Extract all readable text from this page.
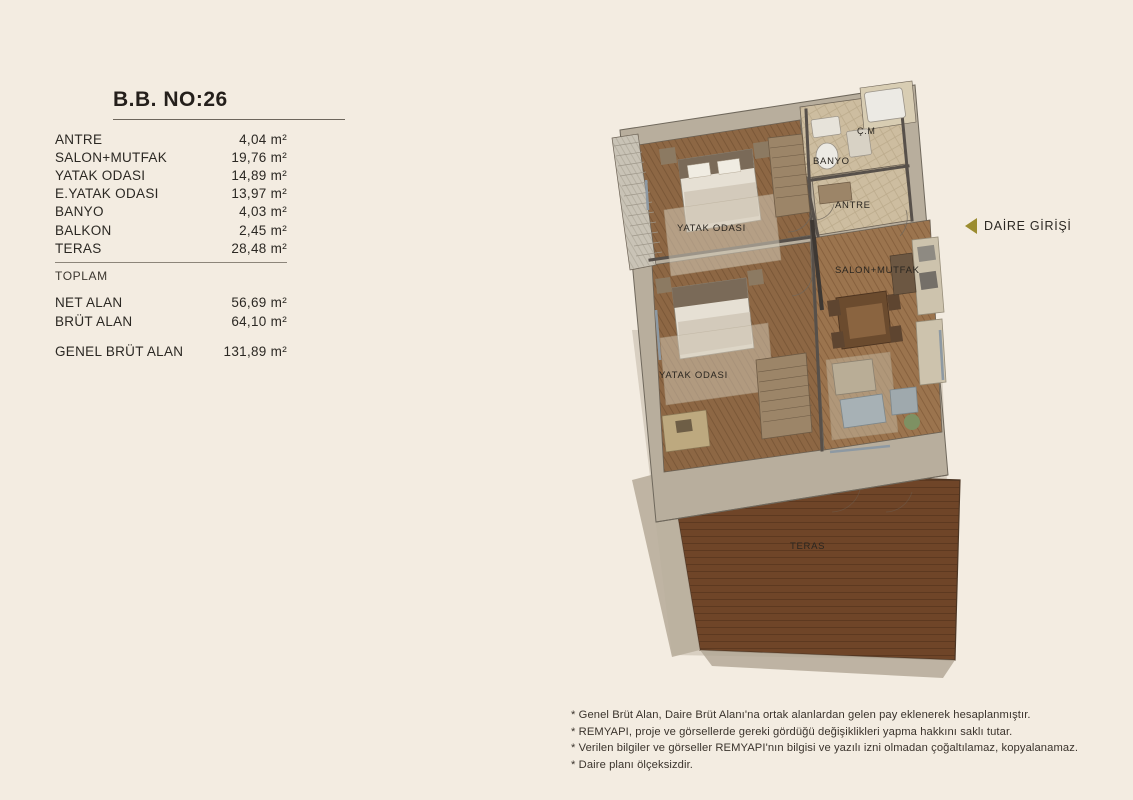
B.B. NO:26
ANTRE	4,04 m²
SALON+MUTFAK	19,76 m²
YATAK ODASI	14,89 m²
E.YATAK ODASI	13,97 m²
BANYO	4,03 m²
BALKON	2,45 m²
TERAS	28,48 m²
TOPLAM
NET ALAN	56,69 m²
BRÜT ALAN	64,10 m²
GENEL BRÜT ALAN	131,89 m²
Ç.M
BANYO
ANTRE
YATAK ODASI
YATAK ODASI
SALON+MUTFAK
TERAS
DAİRE GİRİŞİ
* Genel Brüt Alan, Daire Brüt Alanı'na ortak alanlardan gelen pay eklenerek hesaplanmıştır.
* REMYAPI, proje ve görsellerde gereki gördüğü değişiklikleri yapma hakkını saklı tutar.
* Verilen bilgiler ve görseller REMYAPI'nın bilgisi ve yazılı izni olmadan çoğaltılamaz, kopyalanamaz.
* Daire planı ölçeksizdir.
